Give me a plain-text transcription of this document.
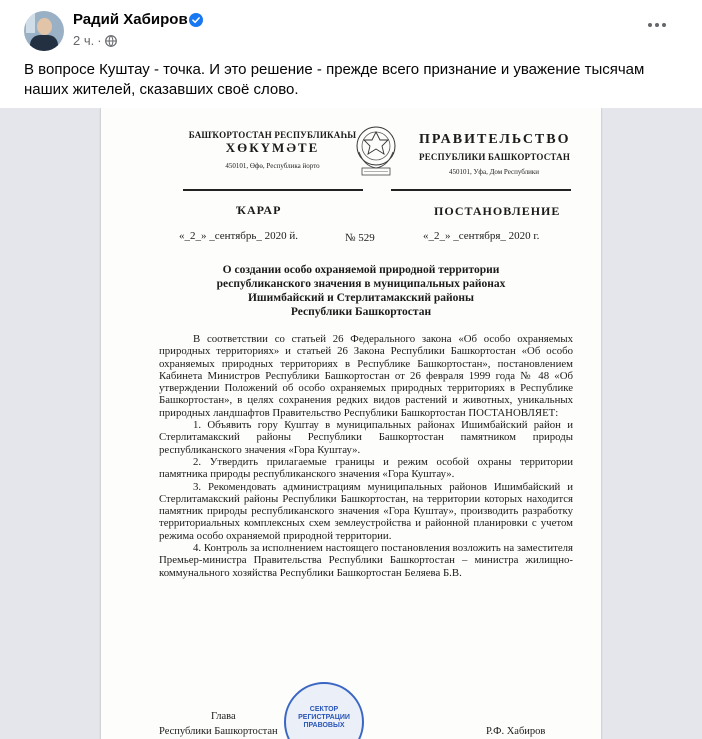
Радий Хабиров
2 ч. ·
В вопросе Куштау - точка. И это решение - прежде всего признание и уважение тысячам наших жителей, сказавших своё слово.
БАШҠОРТОСТАН РЕСПУБЛИКАҺЫ
ХӨКҮМӘТЕ
450101, Өфө, Республика йорто
ПРАВИТЕЛЬСТВО
РЕСПУБЛИКИ БАШКОРТОСТАН
450101, Уфа, Дом Республики
ҠАРАР	ПОСТАНОВЛЕНИЕ
«_2_» _сентябрь_ 2020 й.	№ 529	«_2_» _сентября_ 2020 г.
О создании особо охраняемой природной территории
республиканского значения в муниципальных районах
Ишимбайский и Стерлитамакский районы
Республики Башкортостан

В соответствии со статьей 26 Федерального закона «Об особо охраняемых природных территориях» и статьей 26 Закона Республики Башкортостан «Об особо охраняемых природных территориях в Республике Башкортостан», постановлением Кабинета Министров Республики Башкортостан от 26 февраля 1999 года № 48 «Об утверждении Положений об особо охраняемых природных территориях в Республике Башкортостан», в целях сохранения редких видов растений и животных, уникальных природных ландшафтов Правительство Республики Башкортостан ПОСТАНОВЛЯЕТ:

1. Объявить гору Куштау в муниципальных районах Ишимбайский район и Стерлитамакский районы Республики Башкортостан памятником природы республиканского значения «Гора Куштау».

2. Утвердить прилагаемые границы и режим особой охраны территории памятника природы республиканского значения «Гора Куштау».

3. Рекомендовать администрациям муниципальных районов Ишимбайский и Стерлитамакский районы Республики Башкортостан, на территории которых находится памятник природы республиканского значения «Гора Куштау», производить разработку территориальных комплексных схем землеустройства и районной планировки с учетом режима особо охраняемой природной территории.

4. Контроль за исполнением настоящего постановления возложить на заместителя Премьер-министра Правительства Республики Башкортостан – министра жилищно-коммунального хозяйства Республики Башкортостан Беляева Б.В.

СЕКТОР РЕГИСТРАЦИИ ПРАВОВЫХ
Глава
Республики Башкортостан	Р.Ф. Хабиров
